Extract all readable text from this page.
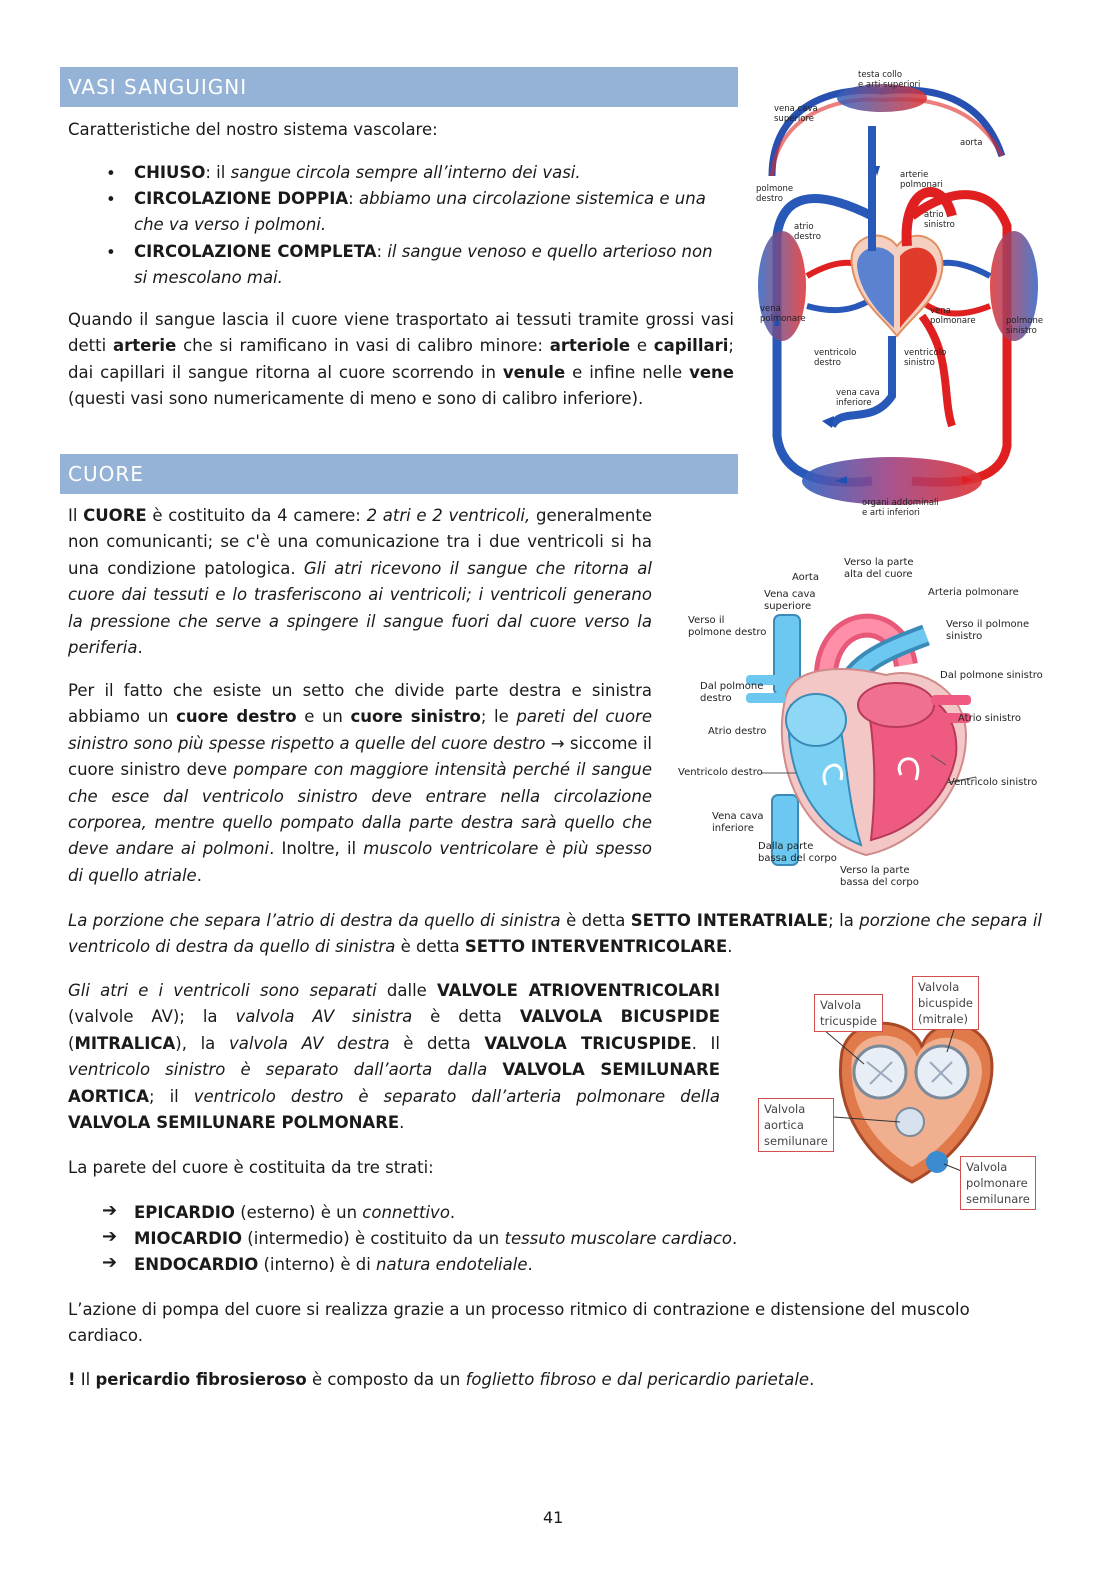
VASI SANGUIGNI

Caratteristiche del nostro sistema vascolare:

• CHIUSO: il sangue circola sempre all’interno dei vasi.

• CIRCOLAZIONE DOPPIA: abbiamo una circolazione sistemica e una

che va verso i polmoni.

• CIRCOLAZIONE COMPLETA: il sangue venoso e quello arterioso non

si mescolano mai.

Quando il sangue lascia il cuore viene trasportato ai tessuti tramite grossi vasi detti arterie che si ramificano in vasi di calibro minore: arteriole e capillari; dai capillari il sangue ritorna al cuore scorrendo in venule e infine nelle vene (questi vasi sono numericamente di meno e sono di calibro inferiore).

CUORE

Il CUORE è costituito da 4 camere: 2 atri e 2 ventricoli, generalmente non comunicanti; se c'è una comunicazione tra i due ventricoli si ha una condizione patologica. Gli atri ricevono il sangue che ritorna al cuore dai tessuti e lo trasferiscono ai ventricoli; i ventricoli generano la pressione che serve a spingere il sangue fuori dal cuore verso la periferia.

Per il fatto che esiste un setto che divide parte destra e sinistra abbiamo un cuore destro e un cuore sinistro; le pareti del cuore sinistro sono più spesse rispetto a quelle del cuore destro → siccome il cuore sinistro deve pompare con maggiore intensità perché il sangue che esce dal ventricolo sinistro deve entrare nella circolazione corporea, mentre quello pompato dalla parte destra sarà quello che deve andare ai polmoni. Inoltre, il muscolo ventricolare è più spesso di quello atriale.

La porzione che separa l’atrio di destra da quello di sinistra è detta SETTO INTERATRIALE; la porzione che separa il ventricolo di destra da quello di sinistra è detta SETTO INTERVENTRICOLARE.

Gli atri e i ventricoli sono separati dalle VALVOLE ATRIOVENTRICOLARI (valvole AV); la valvola AV sinistra è detta VALVOLA BICUSPIDE (MITRALICA), la valvola AV destra è detta VALVOLA TRICUSPIDE. Il ventricolo sinistro è separato dall’aorta dalla VALVOLA SEMILUNARE AORTICA; il ventricolo destro è separato dall’arteria polmonare della VALVOLA SEMILUNARE POLMONARE.

La parete del cuore è costituita da tre strati:

➔ EPICARDIO (esterno) è un connettivo.

➔ MIOCARDIO (intermedio) è costituito da un tessuto muscolare cardiaco.

➔ ENDOCARDIO (interno) è di natura endoteliale.

L’azione di pompa del cuore si realizza grazie a un processo ritmico di contrazione e distensione del muscolo cardiaco.

! Il pericardio fibrosieroso è composto da un foglietto fibroso e dal pericardio parietale.

41
testa collo
e arti superiori
vena cava
superiore
aorta
arterie
polmonari
polmone
destro
atrio
destro
atrio
sinistro
vena
polmonare
vena
polmonare	polmone
sinistro
ventricolo
destro
ventricolo
sinistro
vena cava
inferiore
organi addominali
e arti inferiori
Verso la parte
alta del cuore
Aorta
Arteria polmonare
Vena cava
superiore
Verso il
polmone destro
Verso il polmone
sinistro
Dal polmone sinistro
Dal polmone
destro
Atrio sinistro
Atrio destro
Ventricolo destro
Ventricolo sinistro
Vena cava
inferiore
Dalla parte
bassa del corpo
Verso la parte
bassa del corpo
Valvola
bicuspide
(mitrale)
Valvola
tricuspide
Valvola
aortica
semilunare
Valvola
polmonare
semilunare
